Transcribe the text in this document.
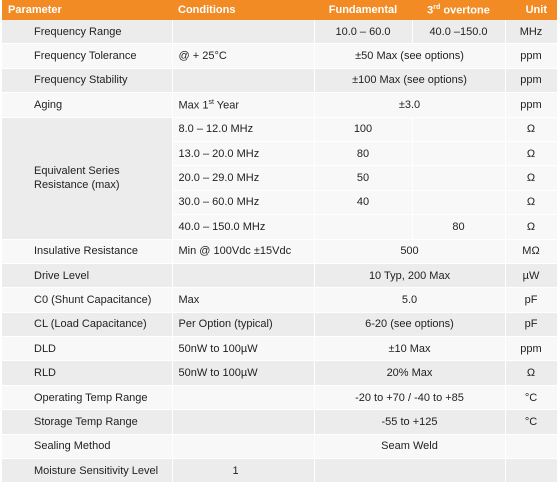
Parameter	Conditions	Fundamental	3rd overtone	Unit
Frequency Range		10.0 – 60.0	40.0 –150.0	MHz
Frequency Tolerance	@ + 25°C	±50 Max (see options)		ppm
Frequency Stability		±100 Max (see options)		ppm
Aging	Max 1st Year	±3.0		ppm
Equivalent Series Resistance (max)	8.0 – 12.0 MHz	100		Ω
	13.0 – 20.0 MHz	80		Ω
	20.0 – 29.0 MHz	50		Ω
	30.0 – 60.0 MHz	40		Ω
	40.0 – 150.0 MHz		80	Ω
Insulative Resistance	Min @ 100Vdc ±15Vdc	500		MΩ
Drive Level		10 Typ, 200 Max		µW
C0 (Shunt Capacitance)	Max	5.0		pF
CL (Load Capacitance)	Per Option (typical)	6-20 (see options)		pF
DLD	50nW to 100µW	±10 Max		ppm
RLD	50nW to 100µW	20% Max		Ω
Operating Temp Range		-20 to +70 / -40 to +85		°C
Storage Temp Range		-55 to +125		°C
Sealing Method		Seam Weld		
Moisture Sensitivity Level	1			
